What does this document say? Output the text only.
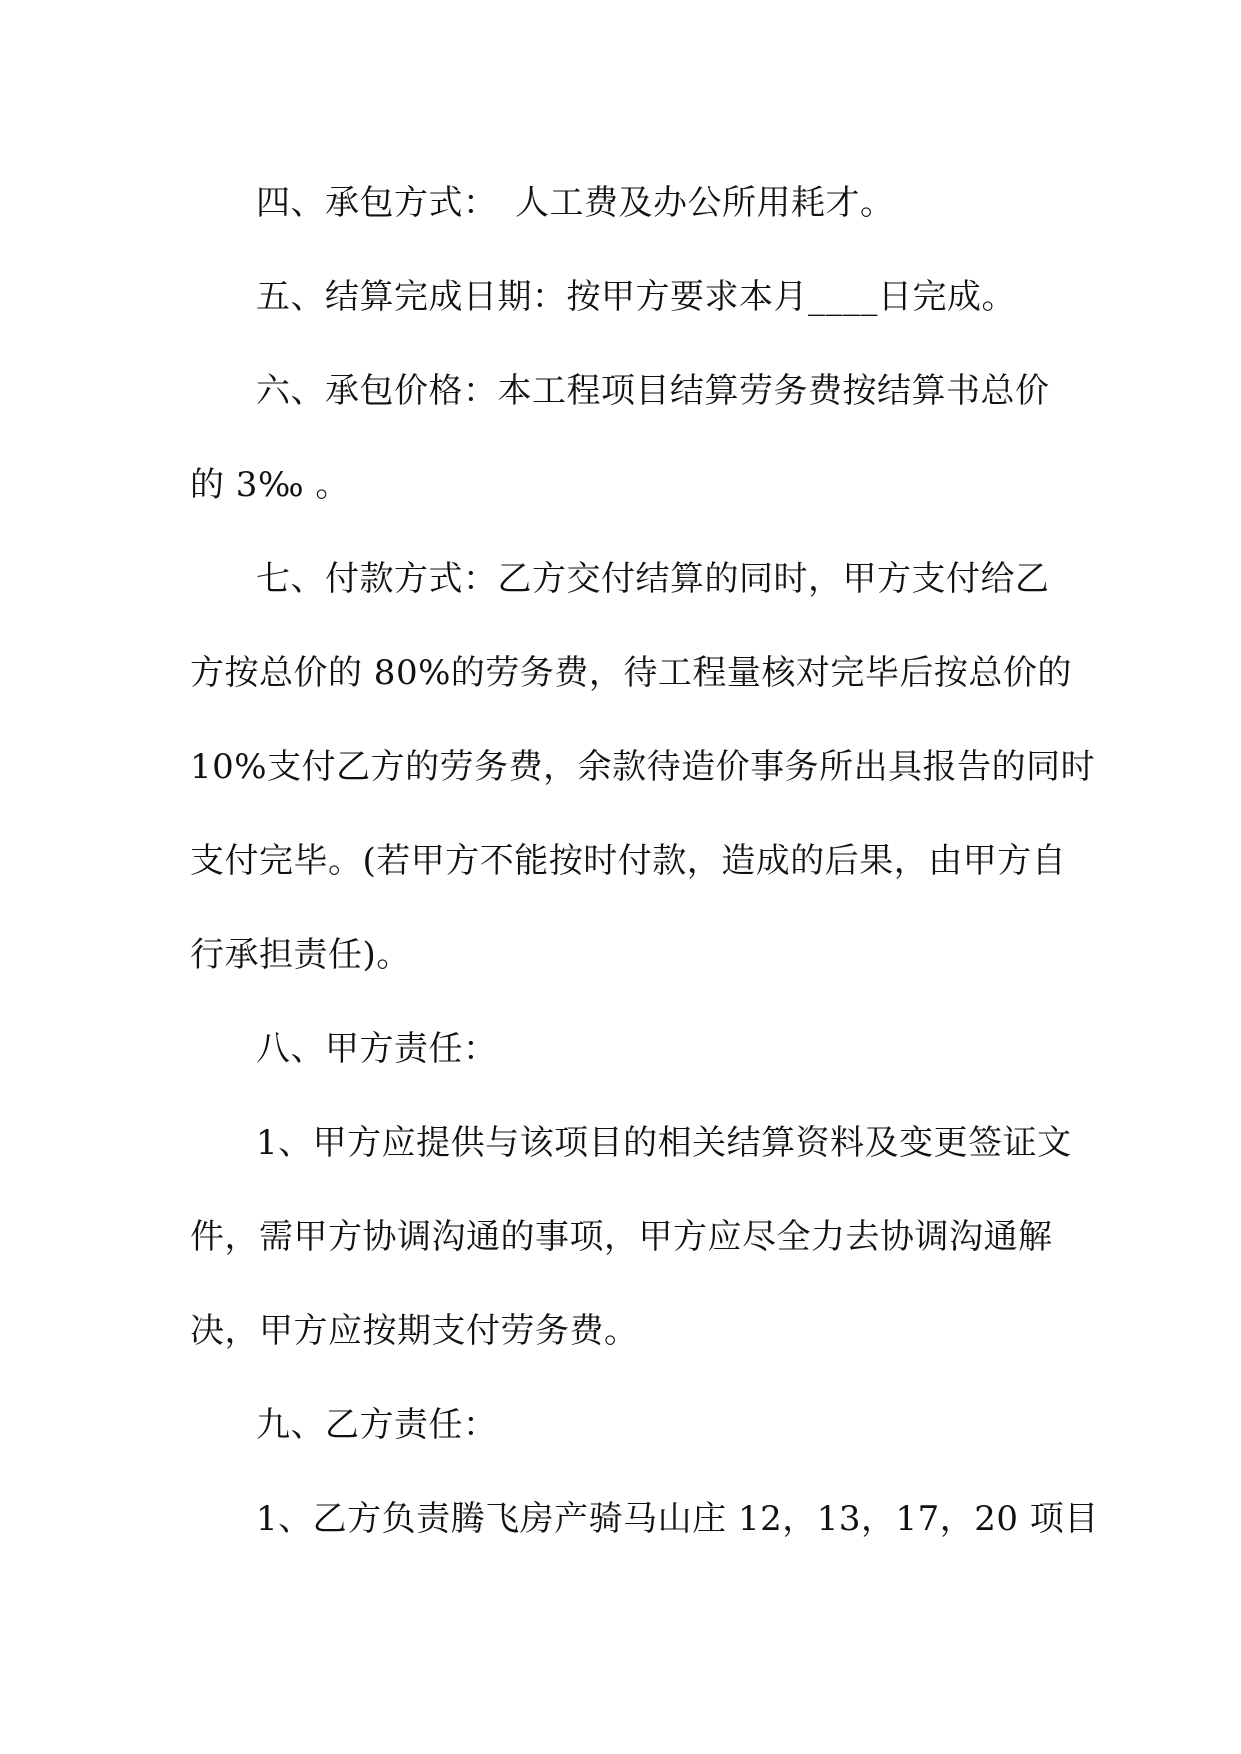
四、承包方式：　人工费及办公所用耗才。
五、结算完成日期：按甲方要求本月____日完成。
六、承包价格：本工程项目结算劳务费按结算书总价
的 3‰ 。
七、付款方式：乙方交付结算的同时，甲方支付给乙
方按总价的 80%的劳务费，待工程量核对完毕后按总价的
10%支付乙方的劳务费，余款待造价事务所出具报告的同时
支付完毕。(若甲方不能按时付款，造成的后果，由甲方自
行承担责任)。
八、甲方责任：
1、甲方应提供与该项目的相关结算资料及变更签证文
件，需甲方协调沟通的事项，甲方应尽全力去协调沟通解
决，甲方应按期支付劳务费。
九、乙方责任：
1、乙方负责腾飞房产骑马山庄 12，13，17，20 项目
